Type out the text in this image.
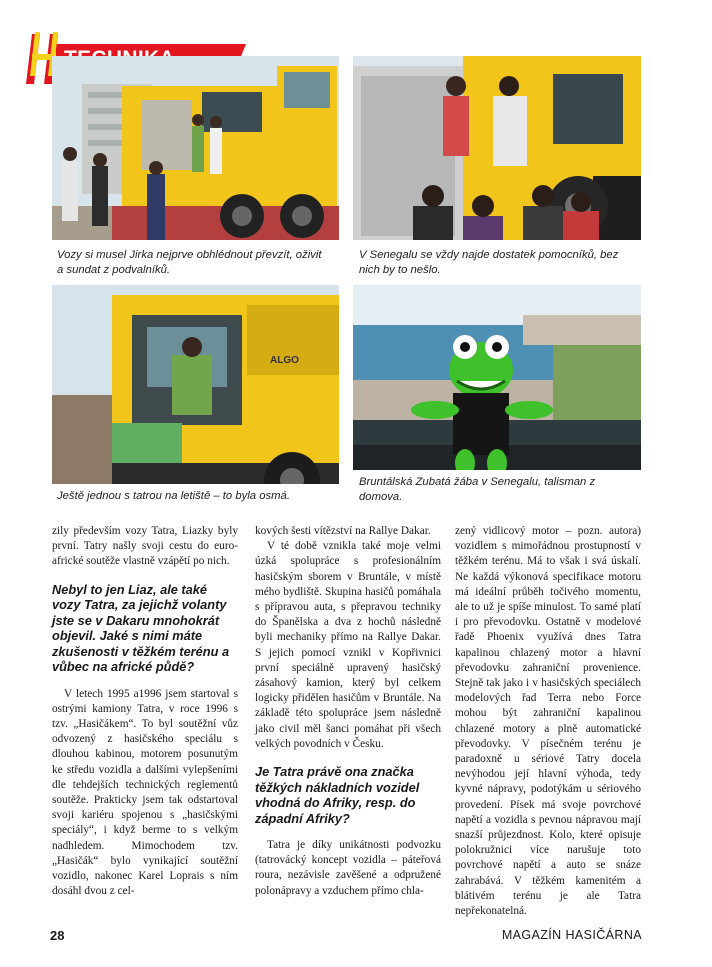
Vozy si musel Jirka nejprve obhlédnout převzít, oživit a sundat z podvalníků.
V Senegalu se vždy najde dostatek pomocníků, bez nich by to nešlo.
ALGO
Ještě jednou s tatrou na letiště – to byla osmá.
Bruntálská Zubatá žába v Senegalu, talisman z domova.

zily především vozy Tatra, Liazky byly první. Tatry našly svoji cestu do euro-africké soutěže vlastně vzápětí po nich.

Nebyl to jen Liaz, ale také vozy Tatra, za jejichž volanty jste se v Dakaru mnohokrát objevil. Jaké s nimi máte zkušenosti v těžkém terénu a vůbec na africké půdě?

V letech 1995 a1996 jsem startoval s ostrými kamiony Tatra, v roce 1996 s tzv. „Hasičákem“. To byl soutěžní vůz odvozený z hasičského speciálu s dlouhou kabinou, motorem posunutým ke středu vozidla a dalšími vylepšeními dle tehdejších technických reglementů soutěže. Prakticky jsem tak odstartoval svoji kariéru spojenou s „hasičskými speciály“, i když berme to s velkým nadhledem. Mimochodem tzv. „Hasičák“ bylo vynikající soutěžní vozidlo, nakonec Karel Loprais s ním dosáhl dvou z cel-

kových šesti vítězství na Rallye Dakar.

V té době vznikla také moje velmi úzká spolupráce s profesionálním hasičským sborem v Bruntále, v místě mého bydliště. Skupina hasičů pomáhala s přípravou auta, s přepravou techniky do Španělska a dva z hochů následně byli mechaniky přímo na Rallye Dakar. S jejich pomocí vznikl v Kopřivnici první speciálně upravený hasičský zásahový kamion, který byl celkem logicky přidělen hasičům v Bruntále. Na základě této spolupráce jsem následně jako civil měl šanci pomáhat při všech velkých povodních v Česku.

Je Tatra právě ona značka těžkých nákladních vozidel vhodná do Afriky, resp. do západní Afriky?

Tatra je díky unikátnosti podvozku (tatrovácký koncept vozidla – páteřová roura, nezávisle zavěšené a odpružené polonápravy a vzduchem přímo chla-

zený vidlicový motor – pozn. autora) vozidlem s mimořádnou prostupností v těžkém terénu. Má to však i svá úskalí. Ne každá výkonová specifikace motoru má ideální průběh točivého momentu, ale to už je spíše minulost. To samé platí i pro převodovku. Ostatně v modelové řadě Phoenix využívá dnes Tatra kapalinou chlazený motor a hlavní převodovku zahraniční provenience. Stejně tak jako i v hasičských speciálech modelových řad Terra nebo Force mohou být zahraniční kapalinou chlazené motory a plně automatické převodovky. V písečném terénu je paradoxně u sériové Tatry docela nevýhodou její hlavní výhoda, tedy kyvné nápravy, podotýkám u sériového provedení. Písek má svoje povrchové napětí a vozidla s pevnou nápravou mají snazší průjezdnost. Kolo, které opisuje polokružnici více narušuje toto povrchové napětí a auto se snáze zahrabává. V těžkém kamenitém a blátivém terénu je ale Tatra nepřekonatelná.

28	MAGAZÍN HASIČÁRNA
